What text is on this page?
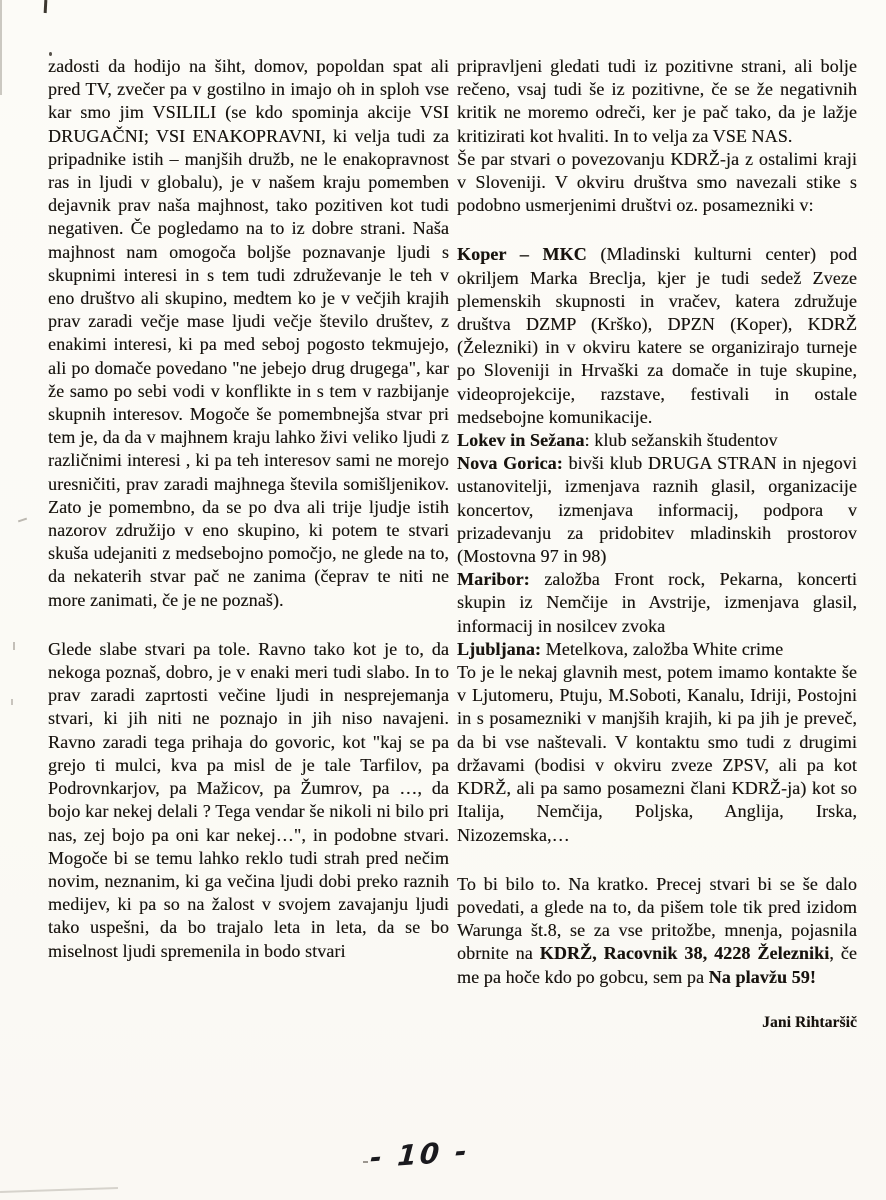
zadosti da hodijo na šiht, domov, popoldan spat ali pred TV, zvečer pa v gostilno in imajo oh in sploh vse kar smo jim VSILILI (se kdo spominja akcije VSI DRUGAČNI; VSI ENAKOPRAVNI, ki velja tudi za pripadnike istih – manjših družb, ne le enakopravnost ras in ljudi v globalu), je v našem kraju pomemben dejavnik prav naša majhnost, tako pozitiven kot tudi negativen. Če pogledamo na to iz dobre strani. Naša majhnost nam omogoča boljše poznavanje ljudi s skupnimi interesi in s tem tudi združevanje le teh v eno društvo ali skupino, medtem ko je v večjih krajih prav zaradi večje mase ljudi večje število društev, z enakimi interesi, ki pa med seboj pogosto tekmujejo, ali po domače povedano "ne jebejo drug drugega", kar že samo po sebi vodi v konflikte in s tem v razbijanje skupnih interesov. Mogoče še pomembnejša stvar pri tem je, da da v majhnem kraju lahko živi veliko ljudi z različnimi interesi , ki pa teh interesov sami ne morejo uresničiti, prav zaradi majhnega števila somišljenikov. Zato je pomembno, da se po dva ali trije ljudje istih nazorov združijo v eno skupino, ki potem te stvari skuša udejaniti z medsebojno pomočjo, ne glede na to, da nekaterih stvar pač ne zanima (čeprav te niti ne more zanimati, če je ne poznaš).

Glede slabe stvari pa tole. Ravno tako kot je to, da nekoga poznaš, dobro, je v enaki meri tudi slabo. In to prav zaradi zaprtosti večine ljudi in nesprejemanja stvari, ki jih niti ne poznajo in jih niso navajeni. Ravno zaradi tega prihaja do govoric, kot "kaj se pa grejo ti mulci, kva pa misl de je tale Tarfilov, pa Podrovnkarjov, pa Mažicov, pa Žumrov, pa …, da bojo kar nekej delali ? Tega vendar še nikoli ni bilo pri nas, zej bojo pa oni kar nekej…", in podobne stvari. Mogoče bi se temu lahko reklo tudi strah pred nečim novim, neznanim, ki ga večina ljudi dobi preko raznih medijev, ki pa so na žalost v svojem zavajanju ljudi tako uspešni, da bo trajalo leta in leta, da se bo miselnost ljudi spremenila in bodo stvari

pripravljeni gledati tudi iz pozitivne strani, ali bolje rečeno, vsaj tudi še iz pozitivne, če se že negativnih kritik ne moremo odreči, ker je pač tako, da je lažje kritizirati kot hvaliti. In to velja za VSE NAS.

Še par stvari o povezovanju KDRŽ-ja z ostalimi kraji v Sloveniji. V okviru društva smo navezali stike s podobno usmerjenimi društvi oz. posamezniki v:

Koper – MKC (Mladinski kulturni center) pod okriljem Marka Breclja, kjer je tudi sedež Zveze plemenskih skupnosti in vračev, katera združuje društva DZMP (Krško), DPZN (Koper), KDRŽ (Železniki) in v okviru katere se organizirajo turneje po Sloveniji in Hrvaški za domače in tuje skupine, videoprojekcije, razstave, festivali in ostale medsebojne komunikacije.

Lokev in Sežana: klub sežanskih študentov

Nova Gorica: bivši klub DRUGA STRAN in njegovi ustanovitelji, izmenjava raznih glasil, organizacije koncertov, izmenjava informacij, podpora v prizadevanju za pridobitev mladinskih prostorov (Mostovna 97 in 98)

Maribor: založba Front rock, Pekarna, koncerti skupin iz Nemčije in Avstrije, izmenjava glasil, informacij in nosilcev zvoka

Ljubljana: Metelkova, založba White crime

To je le nekaj glavnih mest, potem imamo kontakte še v Ljutomeru, Ptuju, M.Soboti, Kanalu, Idriji, Postojni in s posamezniki v manjših krajih, ki pa jih je preveč, da bi vse naštevali. V kontaktu smo tudi z drugimi državami (bodisi v okviru zveze ZPSV, ali pa kot KDRŽ, ali pa samo posamezni člani KDRŽ-ja) kot so Italija, Nemčija, Poljska, Anglija, Irska, Nizozemska,…

To bi bilo to. Na kratko. Precej stvari bi se še dalo povedati, a glede na to, da pišem tole tik pred izidom Warunga št.8, se za vse pritožbe, mnenja, pojasnila obrnite na KDRŽ, Racovnik 38, 4228 Železniki, če me pa hoče kdo po gobcu, sem pa Na plavžu 59!

Jani Rihtaršič

- 10 -
